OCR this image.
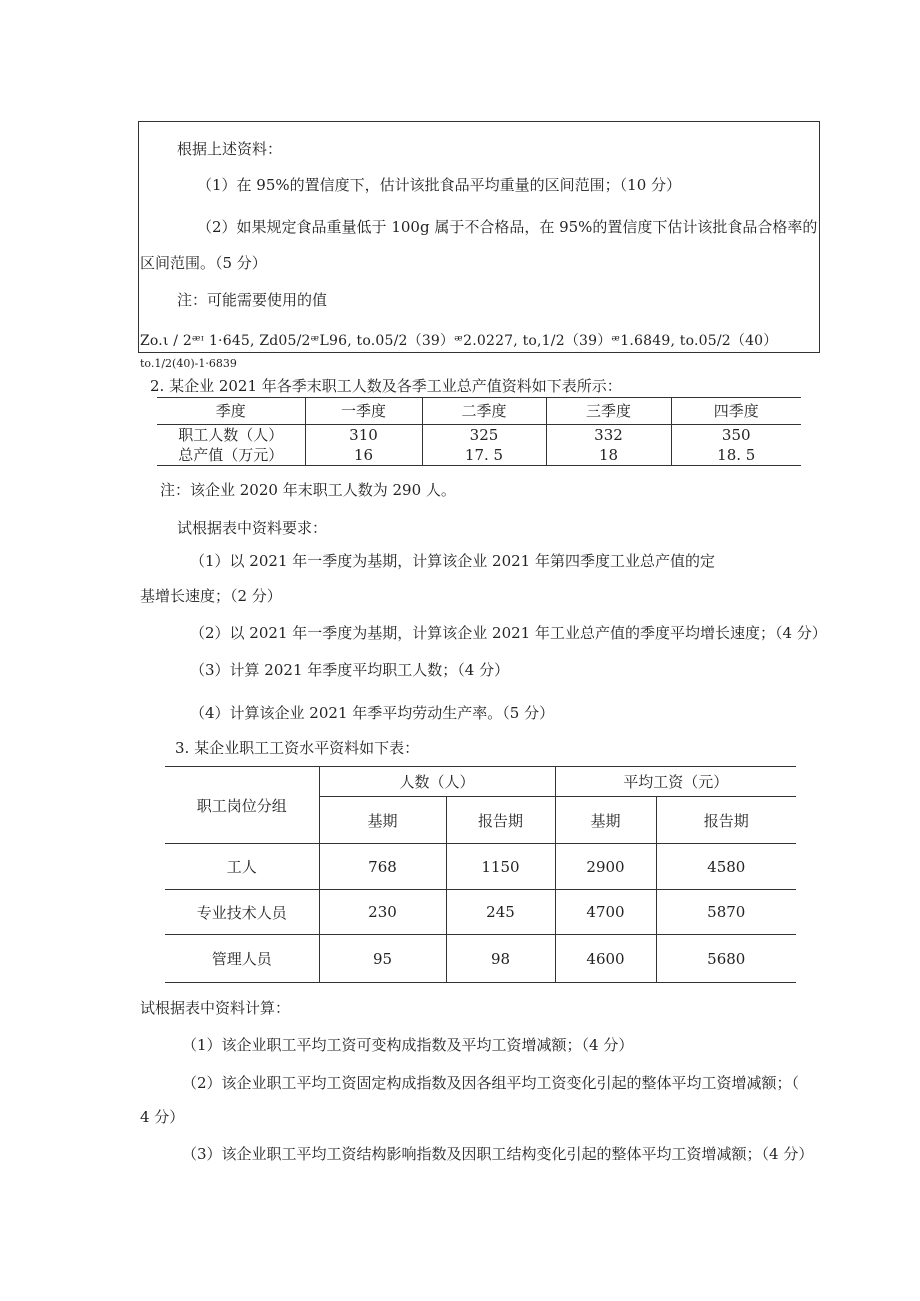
根据上述资料：
（1）在 95%的置信度下，估计该批食品平均重量的区间范围；（10 分）
（2）如果规定食品重量低于 100g 属于不合格品，在 95%的置信度下估计该批食品合格率的
区间范围。（5 分）
注：可能需要使用的值
Zo.ι / 2ᵆᶦ 1·645, Zd05/2ᵆL96, to.05/2（39）ᵆ2.0227, to,1/2（39）ᵆ1.6849, to.05/2（40）
to.1/2(40)-1·6839
2. 某企业 2021 年各季末职工人数及各季工业总产值资料如下表所示：
季度	一季度	二季度	三季度	四季度
职工人数（人）	310	325	332	350
总产值（万元）	16	17. 5	18	18. 5
注：该企业 2020 年末职工人数为 290 人。
试根据表中资料要求：
（1）以 2021 年一季度为基期，计算该企业 2021 年第四季度工业总产值的定
基增长速度；（2 分）
（2）以 2021 年一季度为基期，计算该企业 2021 年工业总产值的季度平均增长速度；（4 分）
（3）计算 2021 年季度平均职工人数；（4 分）
（4）计算该企业 2021 年季平均劳动生产率。（5 分）
3. 某企业职工工资水平资料如下表：
职工岗位分组	人数（人）		平均工资（元）	
	基期	报告期	基期	报告期
工人	768	1150	2900	4580
专业技术人员	230	245	4700	5870
管理人员	95	98	4600	5680
试根据表中资料计算：
（1）该企业职工平均工资可变构成指数及平均工资增减额；（4 分）
（2）该企业职工平均工资固定构成指数及因各组平均工资变化引起的整体平均工资增减额；（
4 分）
（3）该企业职工平均工资结构影响指数及因职工结构变化引起的整体平均工资增减额；（4 分）
